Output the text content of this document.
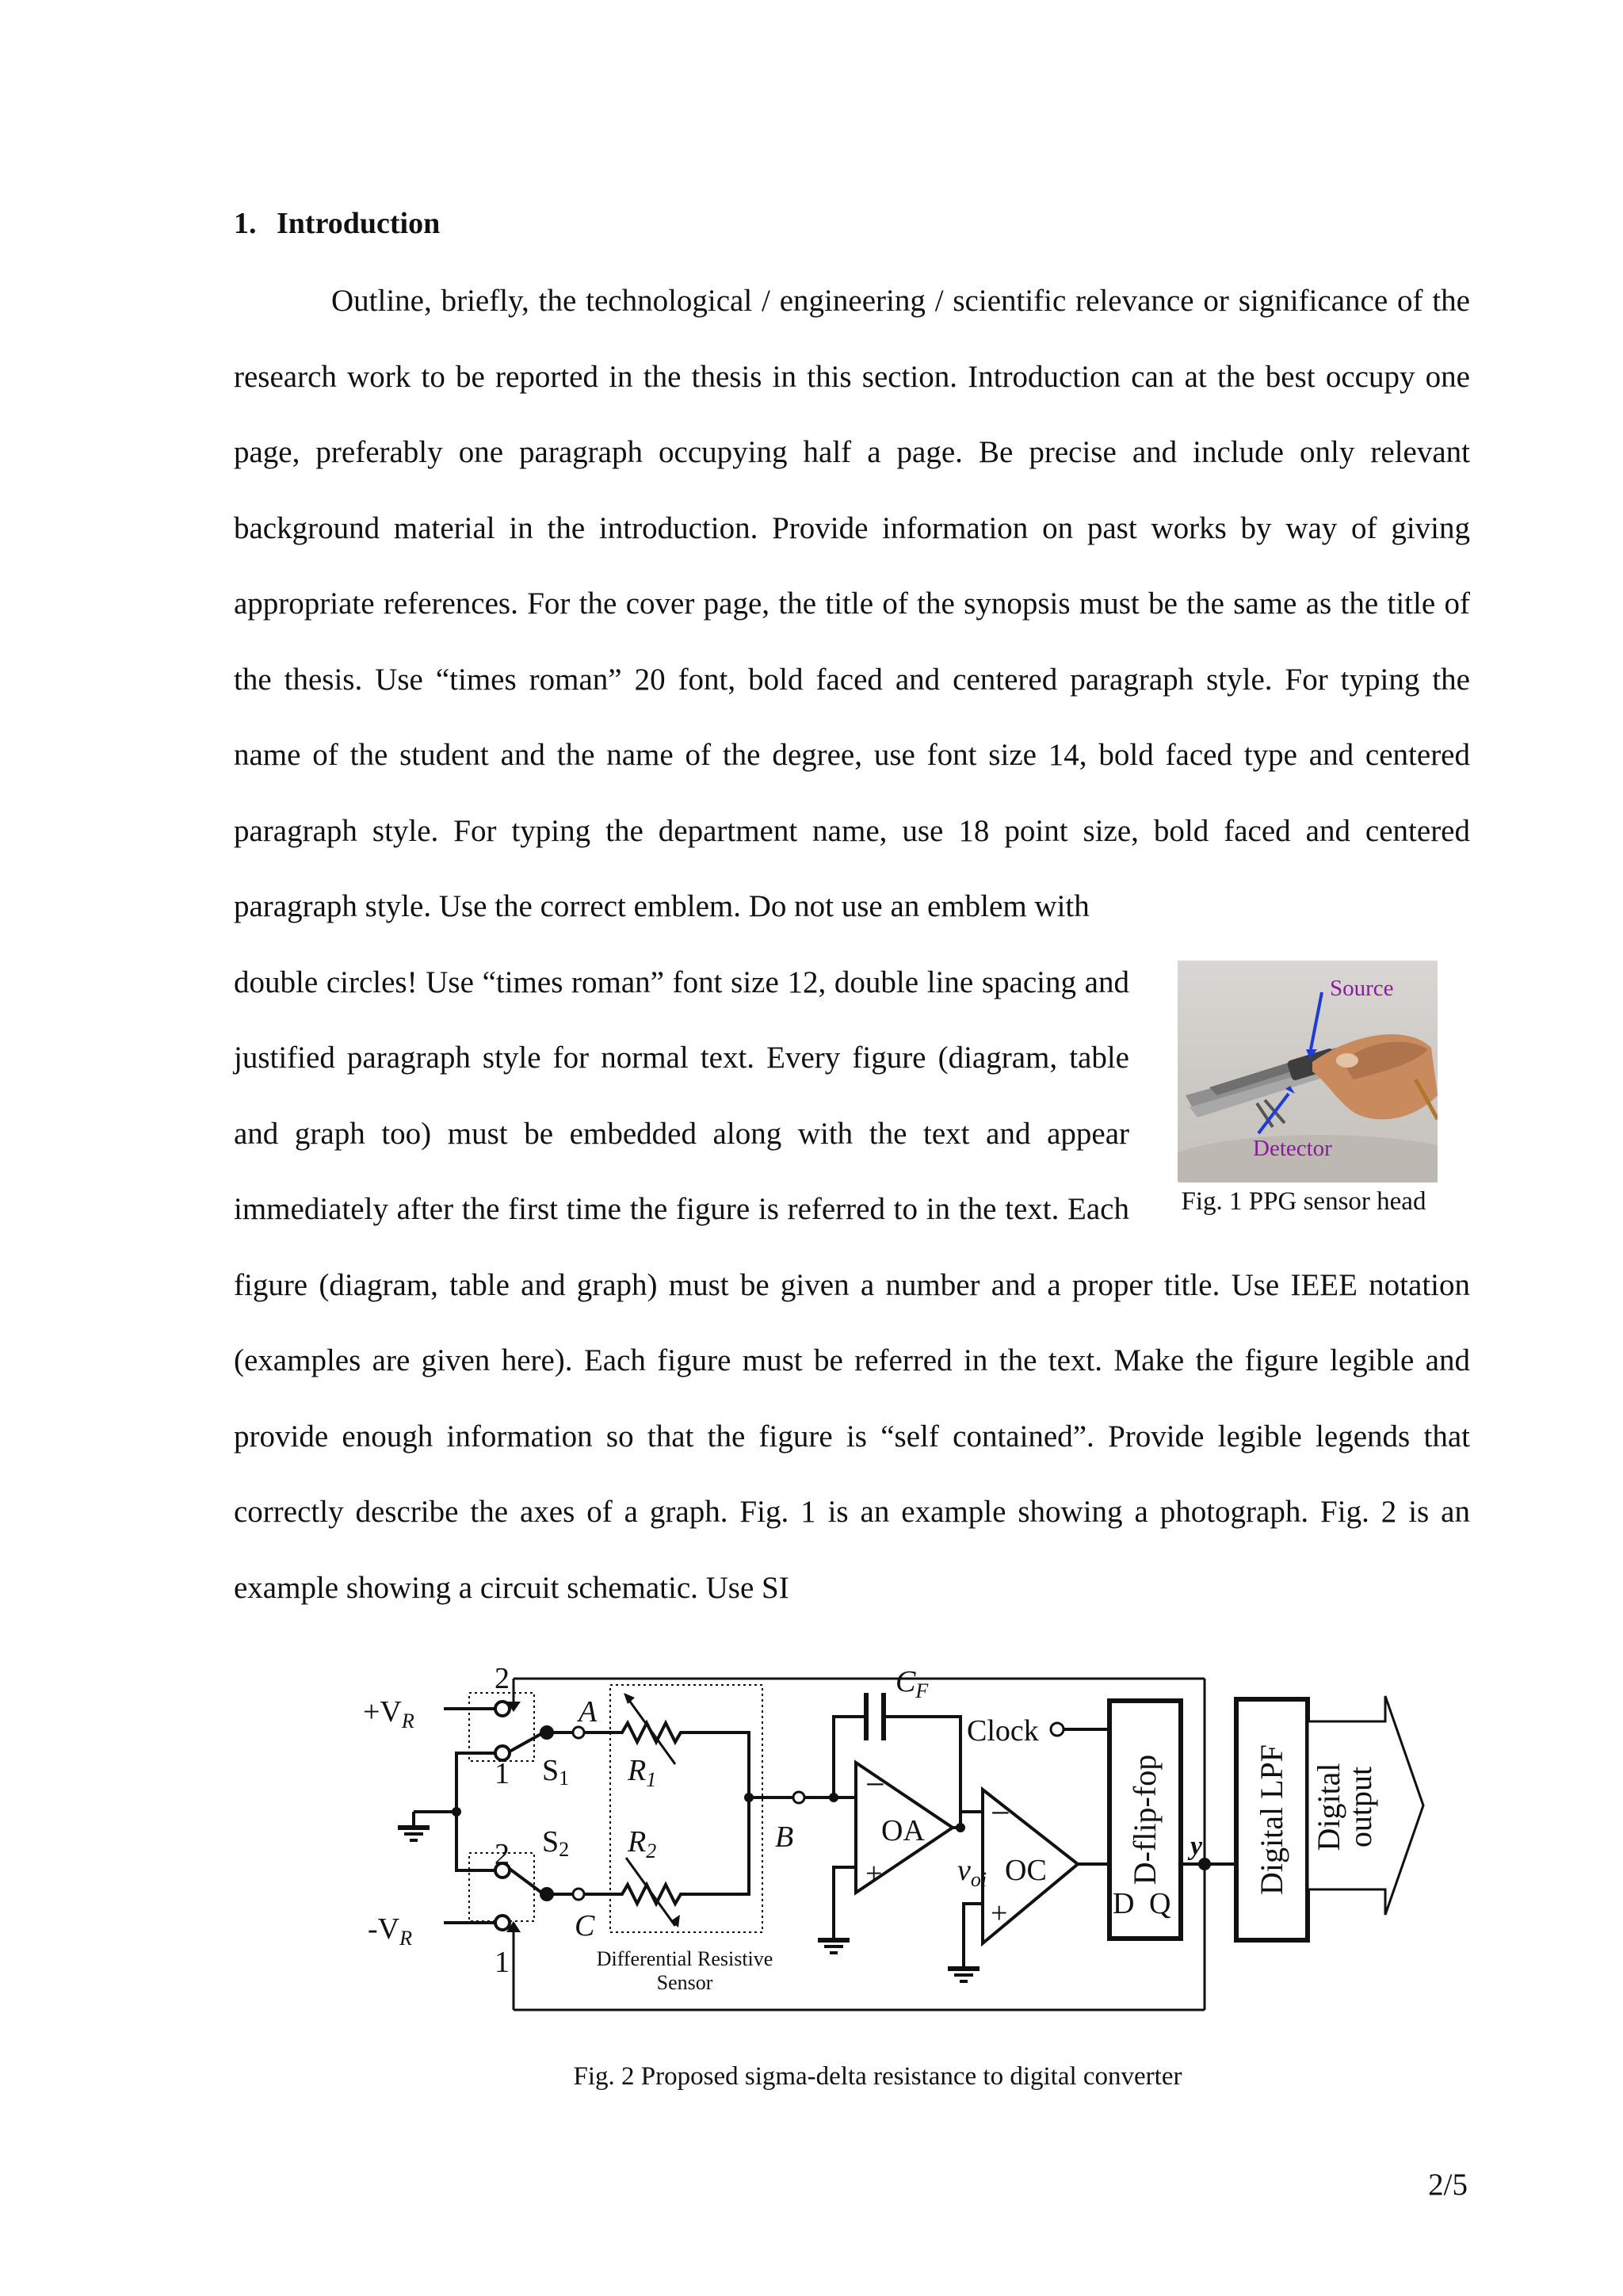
1. Introduction

Outline, briefly, the technological / engineering / scientific relevance or significance of the research work to be reported in the thesis in this section. Introduction can at the best occupy one page, preferably one paragraph occupying half a page. Be precise and include only relevant background material in the introduction. Provide information on past works by way of giving appropriate references. For the cover page, the title of the synopsis must be the same as the title of the thesis. Use “times roman” 20 font, bold faced and centered paragraph style. For typing the name of the student and the name of the degree, use font size 14, bold faced type and centered paragraph style. For typing the department name, use 18 point size, bold faced and centered paragraph style. Use the correct emblem. Do not use an emblem with

Source
Detector
Fig. 1 PPG sensor head

double circles! Use “times roman” font size 12, double line spacing and justified paragraph style for normal text. Every figure (diagram, table and graph too) must be embedded along with the text and appear immediately after the first time the figure is referred to in the text. Each figure (diagram, table and graph) must be given a number and a proper title. Use IEEE notation (examples are given here). Each figure must be referred in the text. Make the figure legible and provide enough information so that the figure is “self contained”. Provide legible legends that correctly describe the axes of a graph. Fig. 1 is an example showing a photograph. Fig. 2 is an example showing a circuit schematic. Use SI

$+V_R$
$-V_R$
2
1
2
1
S1
S2
A
C
B
$R_1$
$R_2$
$C_F$
Clock
−
+
OA
$v_{oi}$
−
+
OC	D-flip-fop
D Q
y Digital LPF Digital
output
Differential Resistive
Sensor
Fig. 2 Proposed sigma-delta resistance to digital converter
2/5
